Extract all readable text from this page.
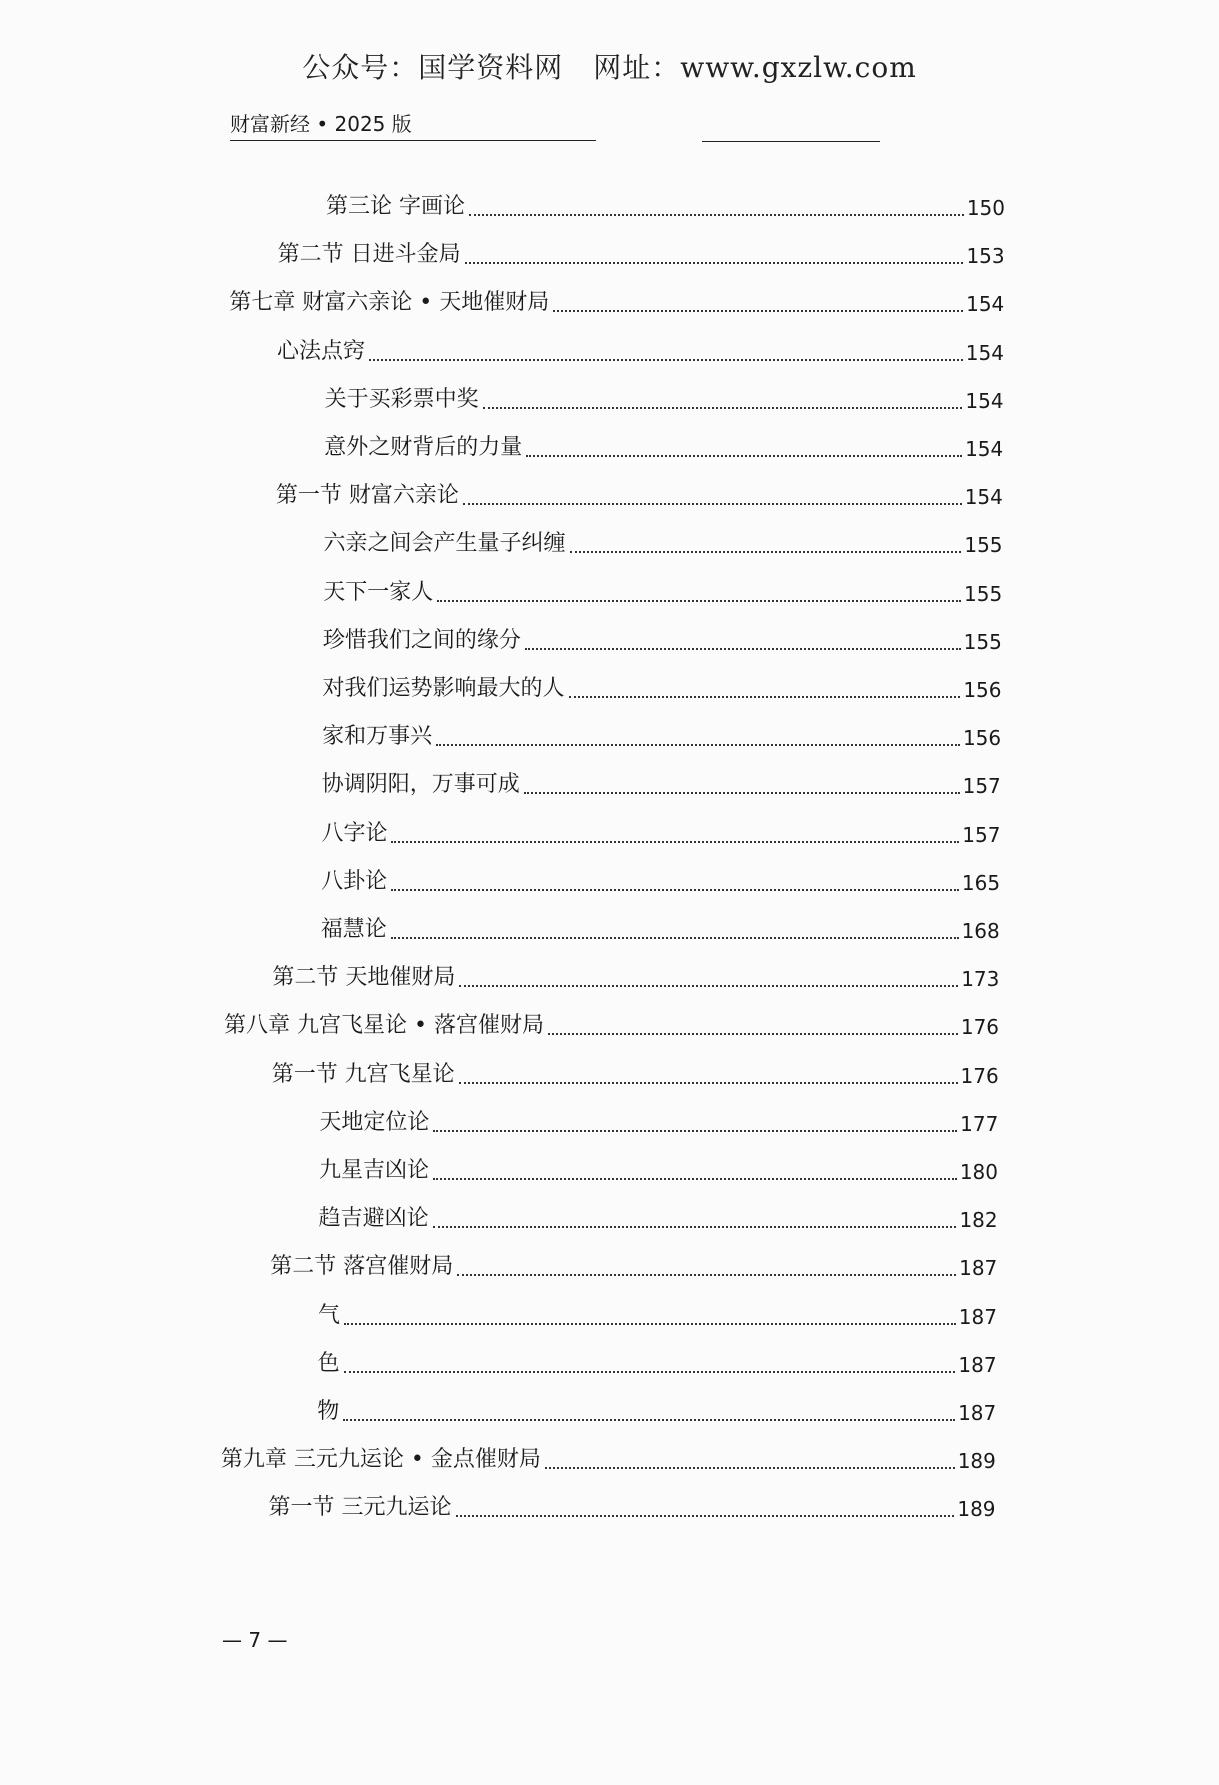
公众号：国学资料网 网址：www.gxzlw.com
财富新经 • 2025 版
第三论 字画论	150
第二节 日进斗金局	153
第七章 财富六亲论 • 天地催财局	154
心法点窍	154
关于买彩票中奖	154
意外之财背后的力量	154
第一节 财富六亲论	154
六亲之间会产生量子纠缠	155
天下一家人	155
珍惜我们之间的缘分	155
对我们运势影响最大的人	156
家和万事兴	156
协调阴阳，万事可成	157
八字论	157
八卦论	165
福慧论	168
第二节 天地催财局	173
第八章 九宫飞星论 • 落宫催财局	176
第一节 九宫飞星论	176
天地定位论	177
九星吉凶论	180
趋吉避凶论	182
第二节 落宫催财局	187
气	187
色	187
物	187
第九章 三元九运论 • 金点催财局	189
第一节 三元九运论	189
— 7 —
